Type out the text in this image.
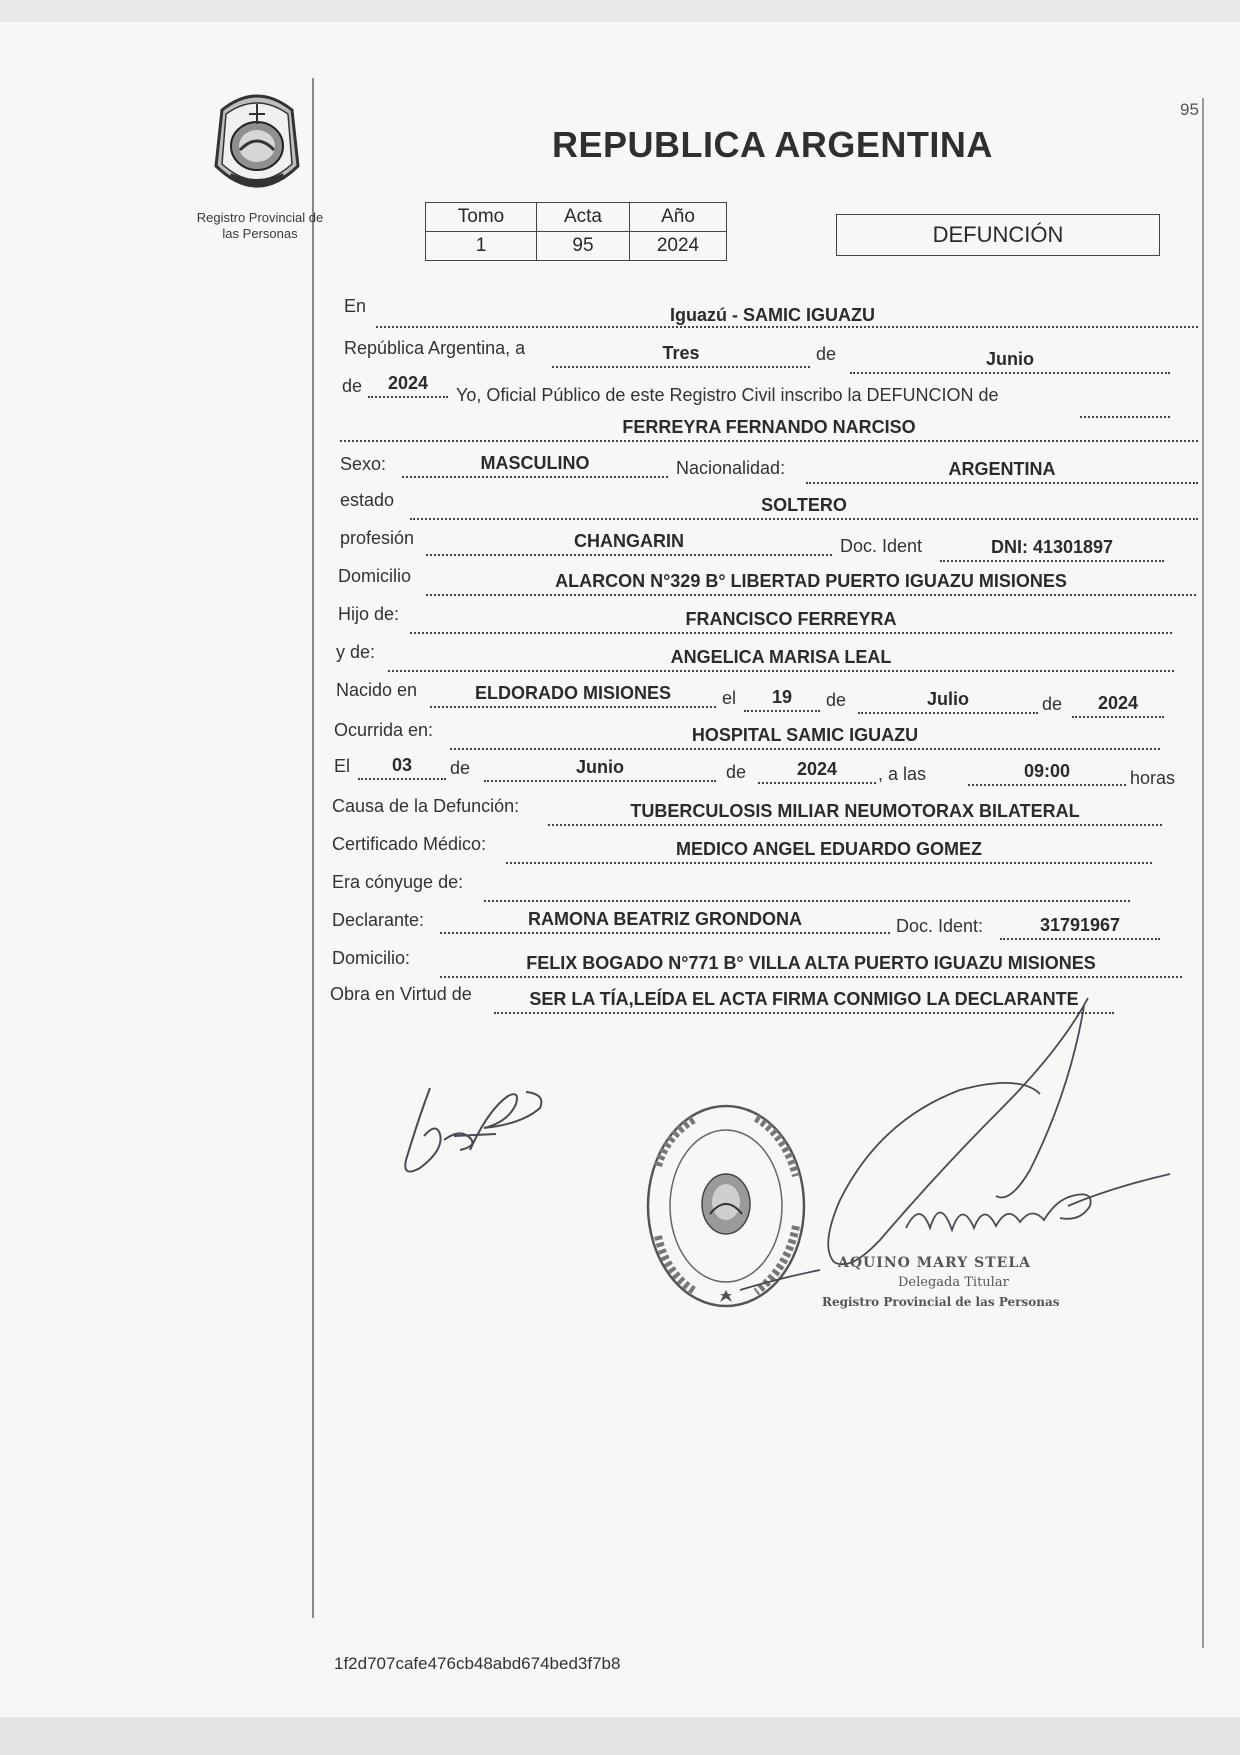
95
Registro Provincial de
las Personas
REPUBLICA ARGENTINA
Tomo	Acta	Año
1	95	2024	DEFUNCIÓN
En	Iguazú - SAMIC IGUAZU
República Argentina, a	Tres	de	Junio
de	2024
Yo, Oficial Público de este Registro Civil inscribo la DEFUNCION de
FERREYRA FERNANDO NARCISO
Sexo:	MASCULINO	Nacionalidad:	ARGENTINA
estado	SOLTERO
profesión	CHANGARIN	Doc. Ident	DNI: 41301897
Domicilio	ALARCON N°329 B° LIBERTAD PUERTO IGUAZU MISIONES
Hijo de:	FRANCISCO FERREYRA
y de:	ANGELICA MARISA LEAL
Nacido en	ELDORADO MISIONES	el	19	de	Julio	de	2024
Ocurrida en:	HOSPITAL SAMIC IGUAZU
El	03	de	Junio	de	2024	, a las	09:00	horas
Causa de la Defunción:	TUBERCULOSIS MILIAR NEUMOTORAX BILATERAL
Certificado Médico:	MEDICO ANGEL EDUARDO GOMEZ
Era cónyuge de:
Declarante:	RAMONA BEATRIZ GRONDONA	Doc. Ident:	31791967
Domicilio:	FELIX BOGADO N°771 B° VILLA ALTA PUERTO IGUAZU MISIONES
Obra en Virtud de	SER LA TÍA,LEÍDA EL ACTA FIRMA CONMIGO LA DECLARANTE
AQUINO MARY STELA
Delegada Titular
Registro Provincial de las Personas
1f2d707cafe476cb48abd674bed3f7b8
